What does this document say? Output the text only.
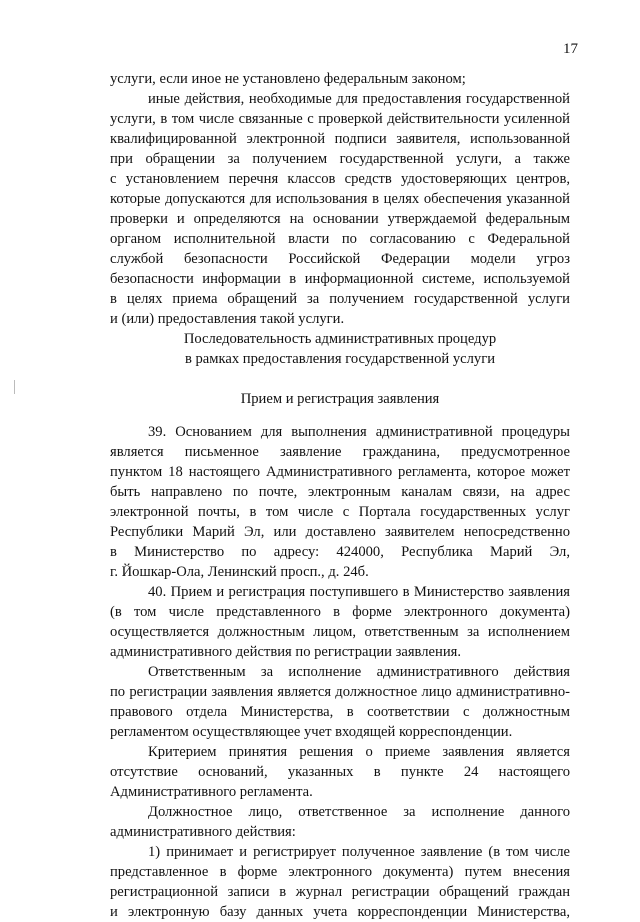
17
услуги, если иное не установлено федеральным законом;
иные действия, необходимые для предоставления государственной
услуги, в том числе связанные с проверкой действительности усиленной
квалифицированной электронной подписи заявителя, использованной
при обращении за получением государственной услуги, а также
с установлением перечня классов средств удостоверяющих центров,
которые допускаются для использования в целях обеспечения указанной
проверки и определяются на основании утверждаемой федеральным
органом исполнительной власти по согласованию с Федеральной
службой безопасности Российской Федерации модели угроз
безопасности информации в информационной системе, используемой
в целях приема обращений за получением государственной услуги
и (или) предоставления такой услуги.
Последовательность административных процедур
в рамках предоставления государственной услуги
Прием и регистрация заявления
39. Основанием для выполнения административной процедуры
является письменное заявление гражданина, предусмотренное
пунктом 18 настоящего Административного регламента, которое может
быть направлено по почте, электронным каналам связи, на адрес
электронной почты, в том числе с Портала государственных услуг
Республики Марий Эл, или доставлено заявителем непосредственно
в Министерство по адресу: 424000, Республика Марий Эл,
г. Йошкар-Ола, Ленинский просп., д. 24б.
40. Прием и регистрация поступившего в Министерство заявления
(в том числе представленного в форме электронного документа)
осуществляется должностным лицом, ответственным за исполнением
административного действия по регистрации заявления.
Ответственным за исполнение административного действия
по регистрации заявления является должностное лицо административно-
правового отдела Министерства, в соответствии с должностным
регламентом осуществляющее учет входящей корреспонденции.
Критерием принятия решения о приеме заявления является
отсутствие оснований, указанных в пункте 24 настоящего
Административного регламента.
Должностное лицо, ответственное за исполнение данного
административного действия:
1) принимает и регистрирует полученное заявление (в том числе
представленное в форме электронного документа) путем внесения
регистрационной записи в журнал регистрации обращений граждан
и электронную базу данных учета корреспонденции Министерства,
